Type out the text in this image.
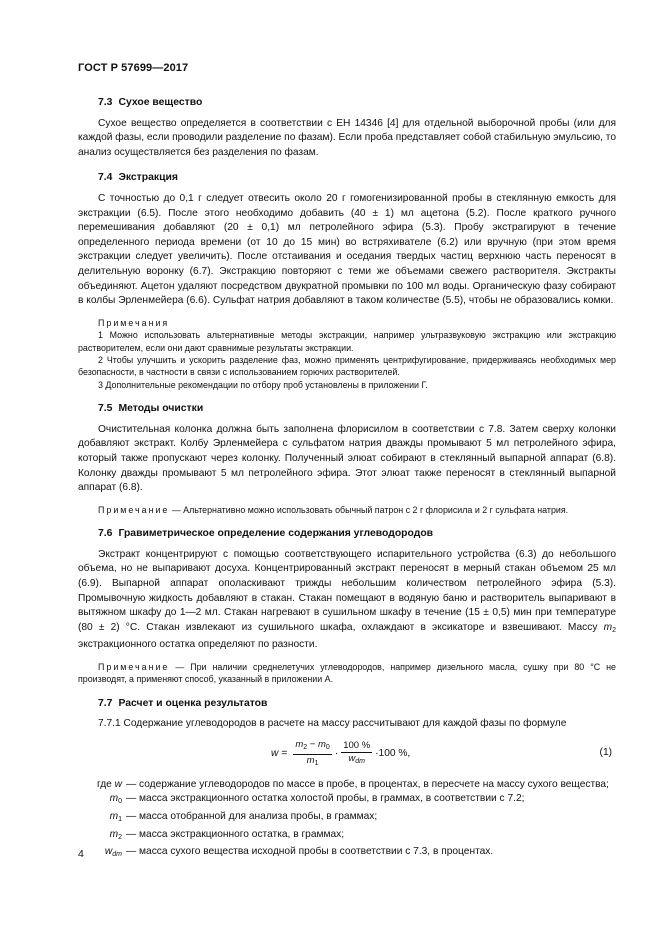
ГОСТ Р 57699—2017
7.3 Сухое вещество

Сухое вещество определяется в соответствии с ЕН 14346 [4] для отдельной выборочной пробы (или для каждой фазы, если проводили разделение по фазам). Если проба представляет собой стабильную эмульсию, то анализ осуществляется без разделения по фазам.

7.4 Экстракция

С точностью до 0,1 г следует отвесить около 20 г гомогенизированной пробы в стеклянную емкость для экстракции (6.5). После этого необходимо добавить (40 ± 1) мл ацетона (5.2). После краткого ручного перемешивания добавляют (20 ± 0,1) мл петролейного эфира (5.3). Пробу экстрагируют в течение определенного периода времени (от 10 до 15 мин) во встряхивателе (6.2) или вручную (при этом время экстракции следует увеличить). После отстаивания и оседания твердых частиц верхнюю часть переносят в делительную воронку (6.7). Экстракцию повторяют с теми же объемами свежего растворителя. Экстракты объединяют. Ацетон удаляют посредством двукратной промывки по 100 мл воды. Органическую фазу собирают в колбы Эрленмейера (6.6). Сульфат натрия добавляют в таком количестве (5.5), чтобы не образовались комки.

Примечания

1 Можно использовать альтернативные методы экстракции, например ультразвуковую экстракцию или экстракцию растворителем, если они дают сравнимые результаты экстракции.

2 Чтобы улучшить и ускорить разделение фаз, можно применять центрифугирование, придерживаясь необходимых мер безопасности, в частности в связи с использованием горючих растворителей.

3 Дополнительные рекомендации по отбору проб установлены в приложении Г.

7.5 Методы очистки

Очистительная колонка должна быть заполнена флорисилом в соответствии с 7.8. Затем сверху колонки добавляют экстракт. Колбу Эрленмейера с сульфатом натрия дважды промывают 5 мл петролейного эфира, который также пропускают через колонку. Полученный элюат собирают в стеклянный выпарной аппарат (6.8). Колонку дважды промывают 5 мл петролейного эфира. Этот элюат также переносят в стеклянный выпарной аппарат (6.8).

Примечание — Альтернативно можно использовать обычный патрон с 2 г флорисила и 2 г сульфата натрия.

7.6 Гравиметрическое определение содержания углеводородов

Экстракт концентрируют с помощью соответствующего испарительного устройства (6.3) до небольшого объема, но не выпаривают досуха. Концентрированный экстракт переносят в мерный стакан объемом 25 мл (6.9). Выпарной аппарат ополаскивают трижды небольшим количеством петролейного эфира (5.3). Промывочную жидкость добавляют в стакан. Стакан помещают в водяную баню и растворитель выпаривают в вытяжном шкафу до 1—2 мл. Стакан нагревают в сушильном шкафу в течение (15 ± 0,5) мин при температуре (80 ± 2) °С. Стакан извлекают из сушильного шкафа, охлаждают в эксикаторе и взвешивают. Массу $m_2$ экстракционного остатка определяют по разности.

Примечание — При наличии среднелетучих углеводородов, например дизельного масла, сушку при 80 °С не производят, а применяют способ, указанный в приложении А.

7.7 Расчет и оценка результатов

7.7.1 Содержание углеводородов в расчете на массу рассчитывают для каждой фазы по формуле

$w = \frac{m_2 - m_0}{m_1} \cdot \frac{100 \%}{w_{dm}} \cdot 100$ %,	(1)
где w — содержание углеводородов по массе в пробе, в процентах, в пересчете на массу сухого вещества;
$m_0$ — масса экстракционного остатка холостой пробы, в граммах, в соответствии с 7.2;
$m_1$ — масса отобранной для анализа пробы, в граммах;
$m_2$ — масса экстракционного остатка, в граммах;
$w_{dm}$ — масса сухого вещества исходной пробы в соответствии с 7.3, в процентах.
4
